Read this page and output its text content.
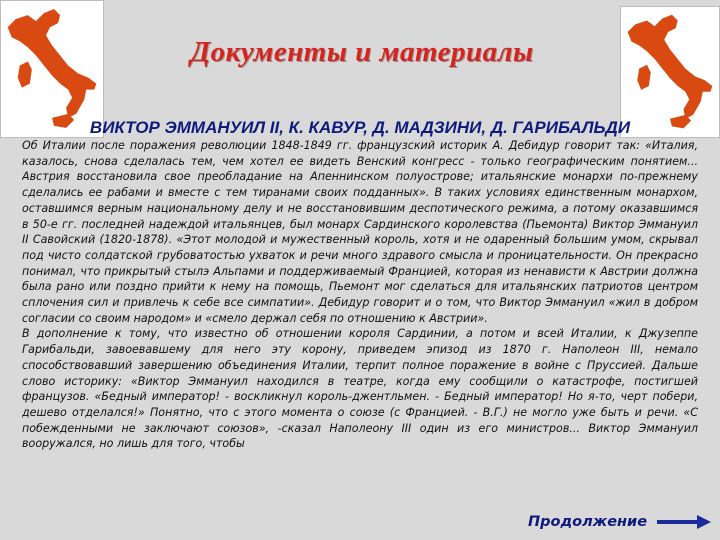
Документы и материалы
ВИКТОР ЭММАНУИЛ II, К. КАВУР, Д. МАДЗИНИ, Д. ГАРИБАЛЬДИ

Об Италии после поражения революции 1848-1849 гг. французский историк А. Дебидур говорит так: «Италия, казалось, снова сделалась тем, чем хотел ее видеть Венский конгресс - только географическим понятием... Австрия восстановила свое преобладание на Апеннинском полуострове; итальянские монархи по-прежнему сделались ее рабами и вместе с тем тиранами своих подданных». В таких условиях единственным монархом, оставшимся верным национальному делу и не восстановившим деспотического режима, а потому оказавшимся в 50-е гг. последней надеждой итальянцев, был монарх Сардинского королевства (Пьемонта) Виктор Эммануил II Савойский (1820-1878). «Этот молодой и мужественный король, хотя и не одаренный большим умом, скрывал под чисто солдатской грубоватостью ухваток и речи много здравого смысла и проницательности. Он прекрасно понимал, что прикрытый стылэ Альпами и поддерживаемый Францией, которая из ненависти к Австрии должна была рано или поздно прийти к нему на помощь, Пьемонт мог сделаться для итальянских патриотов центром сплочения сил и привлечь к себе все симпатии». Дебидур говорит и о том, что Виктор Эммануил «жил в добром согласии со своим народом» и «смело держал себя по отношению к Австрии».

В дополнение к тому, что известно об отношении короля Сардинии, а потом и всей Италии, к Джузеппе Гарибальди, завоевавшему для него эту корону, приведем эпизод из 1870 г. Наполеон III, немало способствовавший завершению объединения Италии, терпит полное поражение в войне с Пруссией. Дальше слово историку: «Виктор Эммануил находился в театре, когда ему сообщили о катастрофе, постигшей французов. «Бедный император! - воскликнул король-джентльмен. - Бедный император! Но я-то, черт побери, дешево отделался!» Понятно, что с этого момента о союзе (с Францией. - В.Г.) не могло уже быть и речи. «С побежденными не заключают союзов», -сказал Наполеону III один из его министров... Виктор Эммануил вооружался, но лишь для того, чтобы

Продолжение
